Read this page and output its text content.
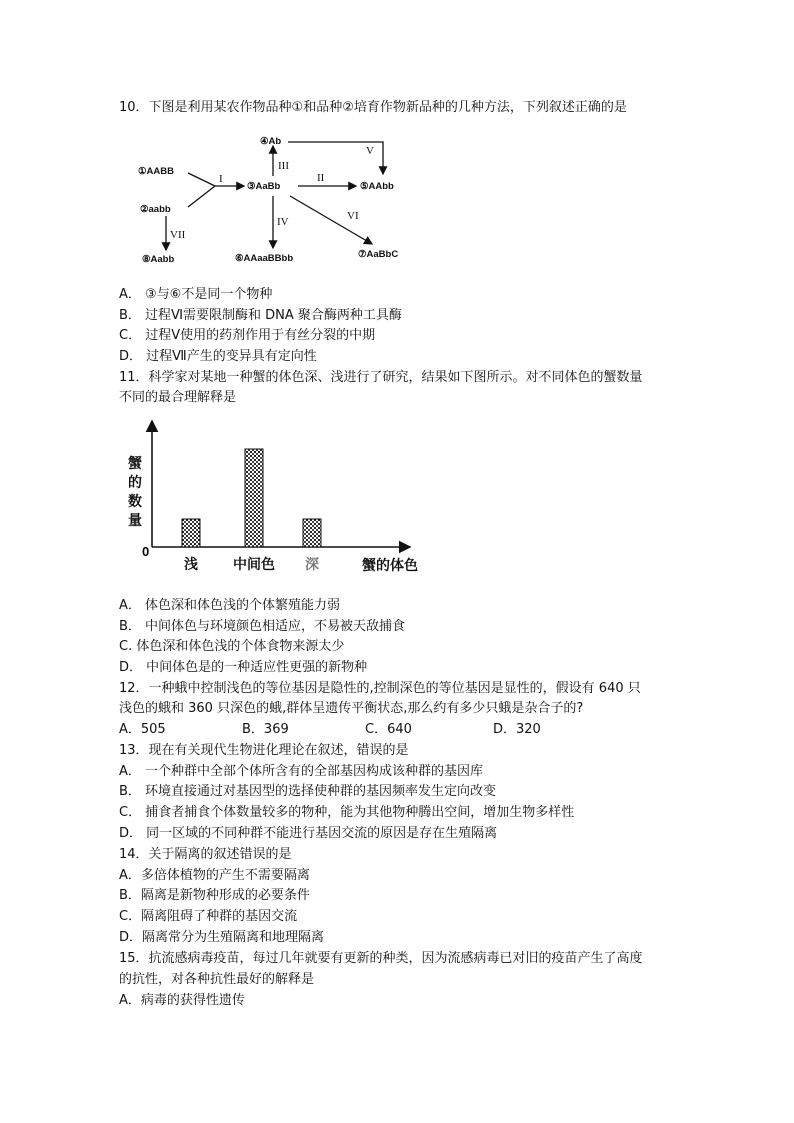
10．下图是利用某农作物品种①和品种②培育作物新品种的几种方法，下列叙述正确的是
①AABB
②aabb
③AaBb
④Ab
⑤AAbb
⑥AAaaBBbb	⑦AaBbC
⑧Aabb
I	II
III
IV
V
VI
VII
A． ③与⑥不是同一个物种
B． 过程Ⅵ需要限制酶和 DNA 聚合酶两种工具酶
C． 过程Ⅴ使用的药剂作用于有丝分裂的中期
D． 过程Ⅶ产生的变异具有定向性
11．科学家对某地一种蟹的体色深、浅进行了研究，结果如下图所示。对不同体色的蟹数量
不同的最合理解释是
浅	中间色 深
0
蟹的数量
蟹的体色
A． 体色深和体色浅的个体繁殖能力弱
B． 中间体色与环境颜色相适应，不易被天敌捕食
C. 体色深和体色浅的个体食物来源太少
D． 中间体色是的一种适应性更强的新物种
12．一种蛾中控制浅色的等位基因是隐性的,控制深色的等位基因是显性的，假设有 640 只
浅色的蛾和 360 只深色的蛾,群体呈遗传平衡状态,那么约有多少只蛾是杂合子的?
A．505	B．369	C．640	D．320
13．现在有关现代生物进化理论在叙述，错误的是
A． 一个种群中全部个体所含有的全部基因构成该种群的基因库
B． 环境直接通过对基因型的选择使种群的基因频率发生定向改变
C． 捕食者捕食个体数量较多的物种，能为其他物种腾出空间，增加生物多样性
D． 同一区域的不同种群不能进行基因交流的原因是存在生殖隔离
14．关于隔离的叙述错误的是
A．多倍体植物的产生不需要隔离
B．隔离是新物种形成的必要条件
C．隔离阻碍了种群的基因交流
D．隔离常分为生殖隔离和地理隔离
15．抗流感病毒疫苗，每过几年就要有更新的种类，因为流感病毒已对旧的疫苗产生了高度
的抗性，对各种抗性最好的解释是
A．病毒的获得性遗传
